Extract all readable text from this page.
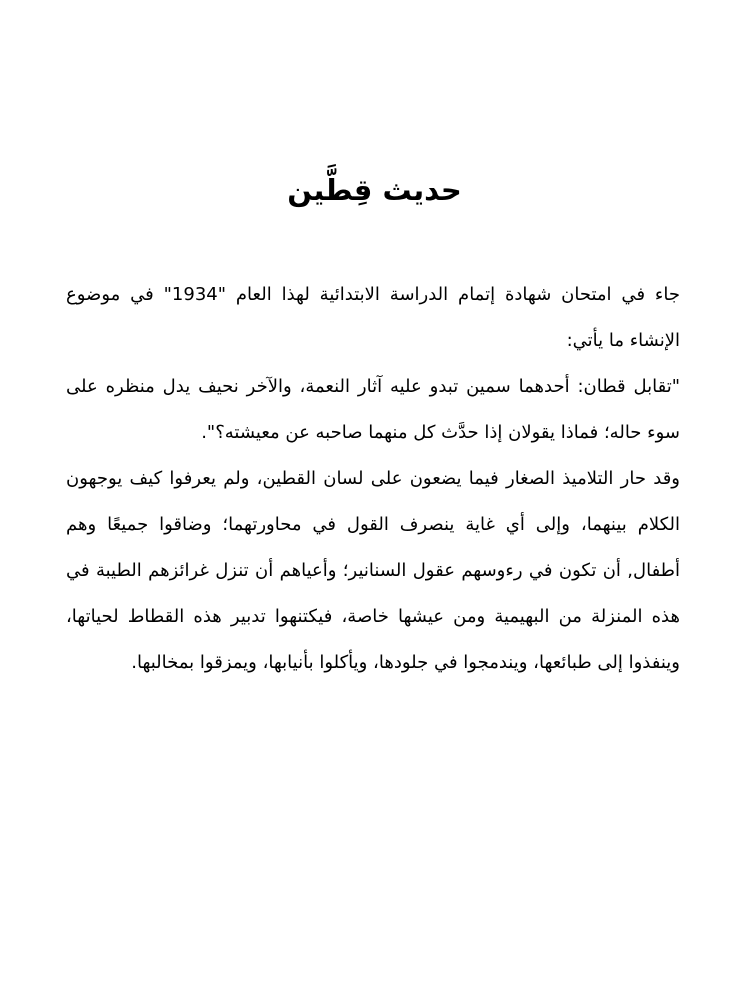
حديث قِطَّين

جاء في امتحان شهادة إتمام الدراسة الابتدائية لهذا العام "1934" في موضوع الإنشاء ما يأتي:

"تقابل قطان: أحدهما سمين تبدو عليه آثار النعمة، والآخر نحيف يدل منظره على سوء حاله؛ فماذا يقولان إذا حدَّث كل منهما صاحبه عن معيشته؟".

وقد حار التلاميذ الصغار فيما يضعون على لسان القطين، ولم يعرفوا كيف يوجهون الكلام بينهما، وإلى أي غاية ينصرف القول في محاورتهما؛ وضاقوا جميعًا وهم أطفال, أن تكون في رءوسهم عقول السنانير؛ وأعياهم أن تنزل غرائزهم الطيبة في هذه المنزلة من البهيمية ومن عيشها خاصة، فيكتنهوا تدبير هذه القطاط لحياتها، وينفذوا إلى طبائعها، ويندمجوا في جلودها، ويأكلوا بأنيابها، ويمزقوا بمخالبها.
